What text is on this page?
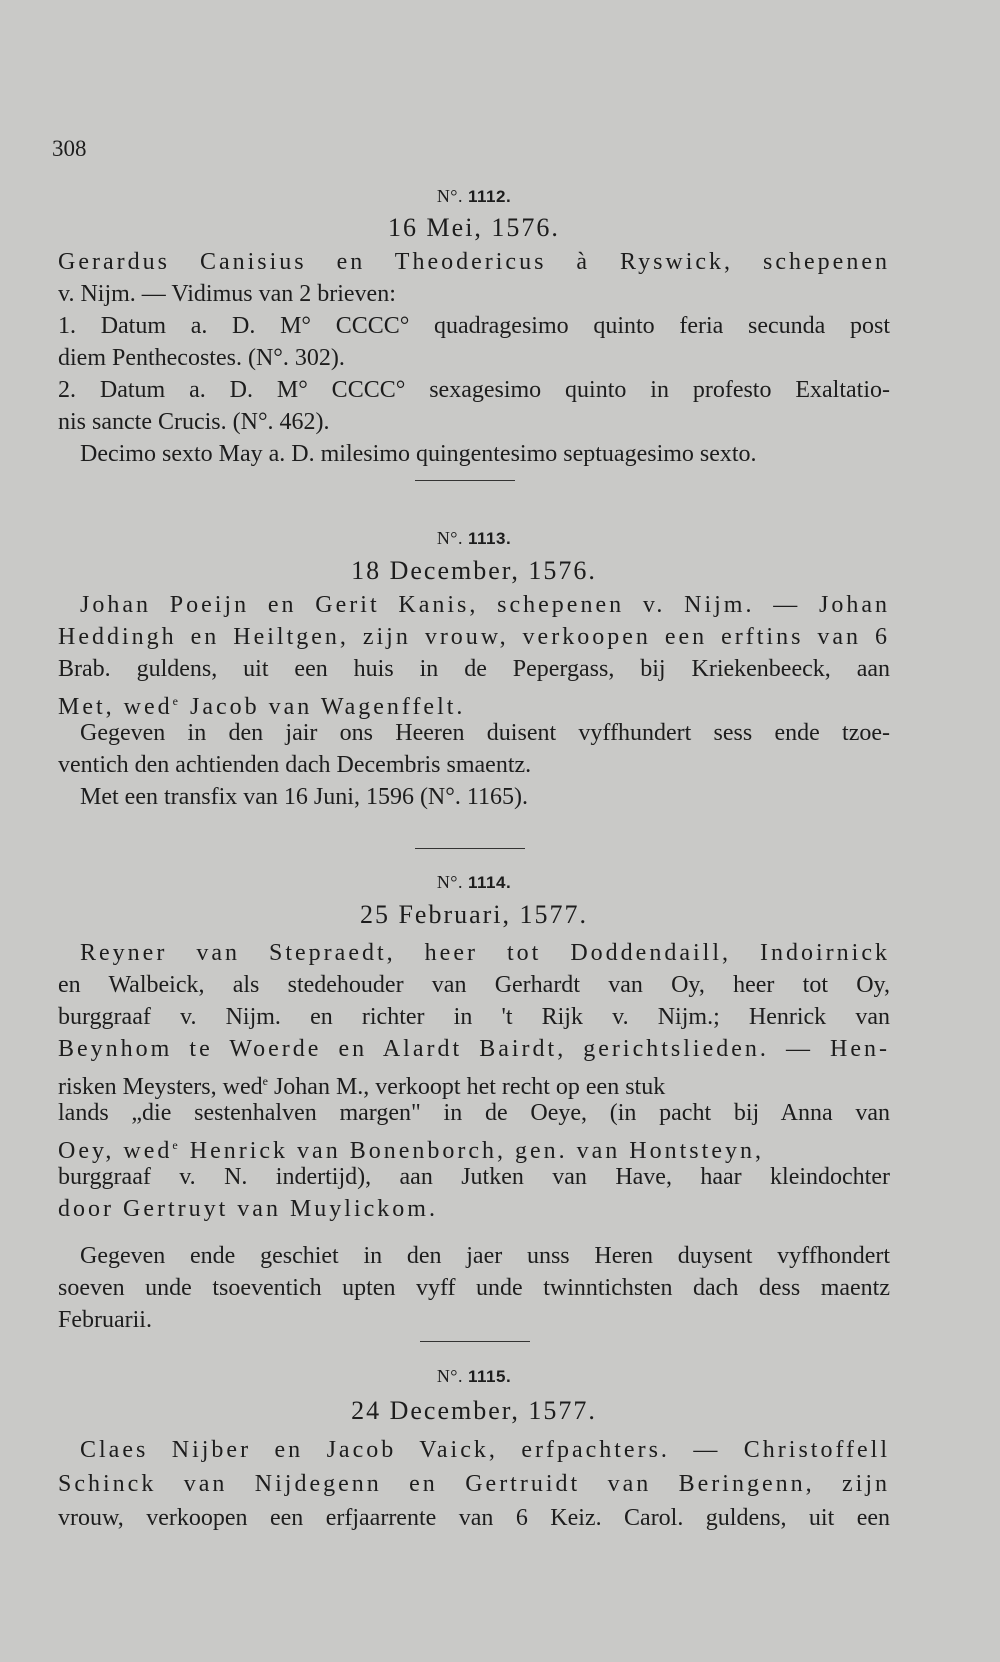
308
N°. 1112.
16 Mei, 1576.
Gerardus Canisius en Theodericus à Ryswick, schepenen
v. Nijm. — Vidimus van 2 brieven:
1. Datum a. D. M° CCCC° quadragesimo quinto feria secunda post
diem Penthecostes. (N°. 302).
2. Datum a. D. M° CCCC° sexagesimo quinto in profesto Exaltatio-
nis sancte Crucis. (N°. 462).
Decimo sexto May a. D. milesimo quingentesimo septuagesimo sexto.
N°. 1113.
18 December, 1576.
Johan Poeijn en Gerit Kanis, schepenen v. Nijm. — Johan
Heddingh en Heiltgen, zijn vrouw, verkoopen een erftins van 6
Brab. guldens, uit een huis in de Pepergass, bij Kriekenbeeck, aan
Met, wed$^e$ Jacob van Wagenffelt.
Gegeven in den jair ons Heeren duisent vyffhundert sess ende tzoe-
ventich den achtienden dach Decembris smaentz.
Met een transfix van 16 Juni, 1596 (N°. 1165).
N°. 1114.
25 Februari, 1577.
Reyner van Stepraedt, heer tot Doddendaill, Indoirnick
en Walbeick, als stedehouder van Gerhardt van Oy, heer tot Oy,
burggraaf v. Nijm. en richter in 't Rijk v. Nijm.; Henrick van
Beynhom te Woerde en Alardt Bairdt, gerichtslieden. — Hen-
risken Meysters, wed$^e$ Johan M., verkoopt het recht op een stuk
lands „die sestenhalven margen" in de Oeye, (in pacht bij Anna van
Oey, wed$^e$ Henrick van Bonenborch, gen. van Hontsteyn,
burggraaf v. N. indertijd), aan Jutken van Have, haar kleindochter
door Gertruyt van Muylickom.
Gegeven ende geschiet in den jaer unss Heren duysent vyffhondert
soeven unde tsoeventich upten vyff unde twinntichsten dach dess maentz
Februarii.
N°. 1115.
24 December, 1577.
Claes Nijber en Jacob Vaick, erfpachters. — Christoffell
Schinck van Nijdegenn en Gertruidt van Beringenn, zijn
vrouw, verkoopen een erfjaarrente van 6 Keiz. Carol. guldens, uit een
